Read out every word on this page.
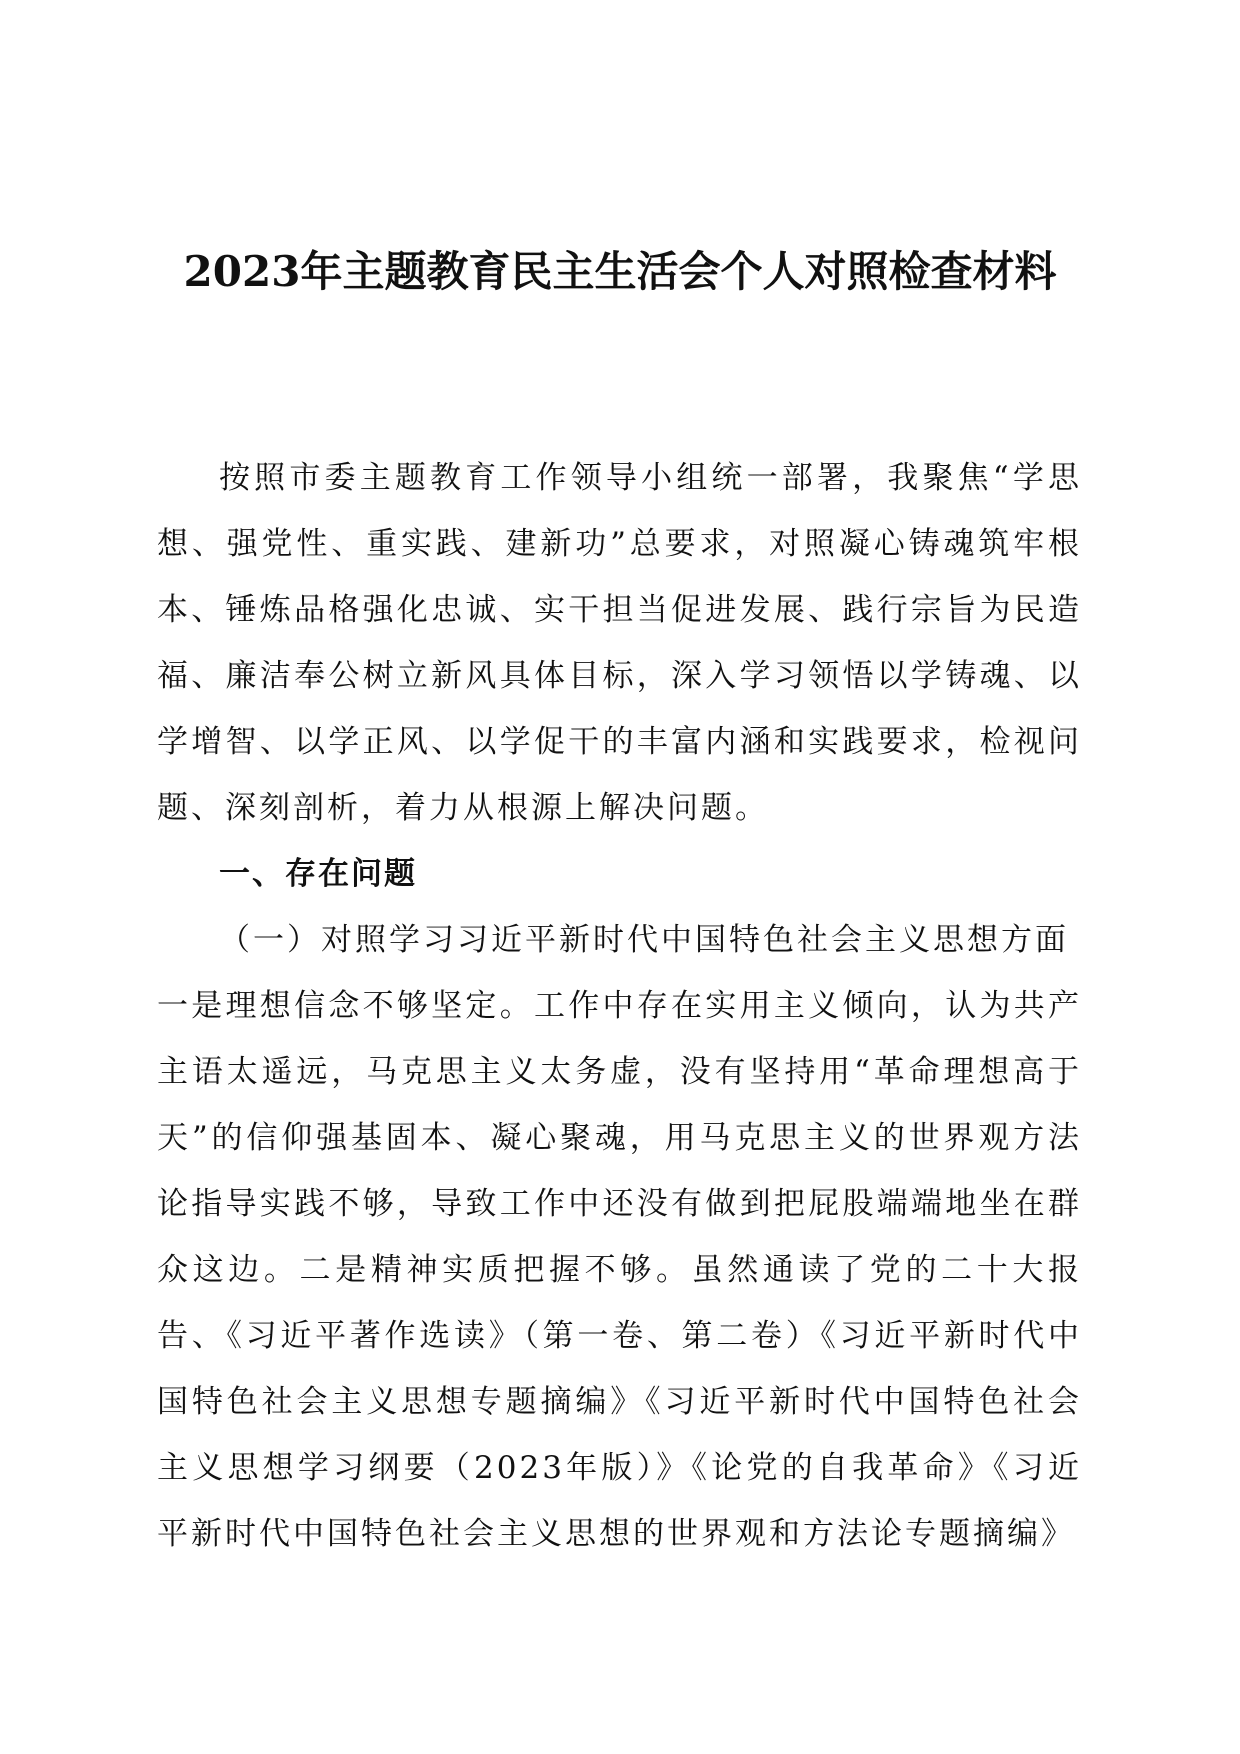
2023年主题教育民主生活会个人对照检查材料

按照市委主题教育工作领导小组统一部署，我聚焦“学思想、强党性、重实践、建新功”总要求，对照凝心铸魂筑牢根本、锤炼品格强化忠诚、实干担当促进发展、践行宗旨为民造福、廉洁奉公树立新风具体目标，深入学习领悟以学铸魂、以学增智、以学正风、以学促干的丰富内涵和实践要求，检视问题、深刻剖析，着力从根源上解决问题。

一、存在问题

（一）对照学习习近平新时代中国特色社会主义思想方面

一是理想信念不够坚定。工作中存在实用主义倾向，认为共产主语太遥远，马克思主义太务虚，没有坚持用“革命理想高于天”的信仰强基固本、凝心聚魂，用马克思主义的世界观方法论指导实践不够，导致工作中还没有做到把屁股端端地坐在群众这边。二是精神实质把握不够。虽然通读了党的二十大报告、《习近平著作选读》（第一卷、第二卷）《习近平新时代中国特色社会主义思想专题摘编》《习近平新时代中国特色社会主义思想学习纲要（2023年版）》《论党的自我革命》《习近平新时代中国特色社会主义思想的世界观和方法论专题摘编》
